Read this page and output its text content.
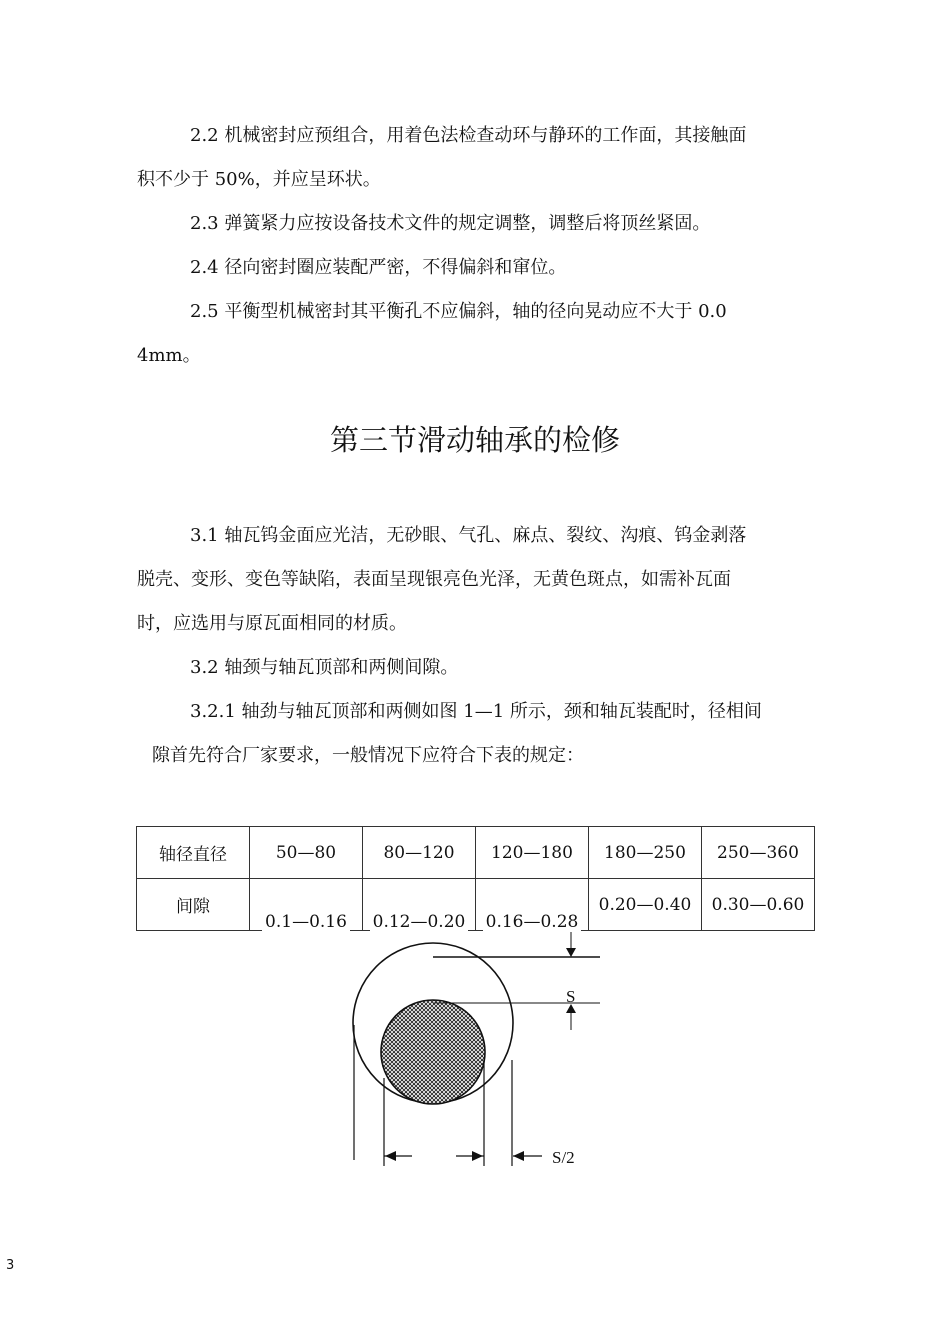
2.2 机械密封应预组合，用着色法检查动环与静环的工作面，其接触面

积不少于 50%，并应呈环状。

2.3 弹簧紧力应按设备技术文件的规定调整，调整后将顶丝紧固。

2.4 径向密封圈应装配严密，不得偏斜和窜位。

2.5 平衡型机械密封其平衡孔不应偏斜，轴的径向晃动应不大于 0.0

4mm。

第三节滑动轴承的检修

3.1 轴瓦钨金面应光洁，无砂眼、气孔、麻点、裂纹、沟痕、钨金剥落

脱壳、变形、变色等缺陷，表面呈现银亮色光泽，无黄色斑点，如需补瓦面

时，应选用与原瓦面相同的材质。

3.2 轴颈与轴瓦顶部和两侧间隙。

3.2.1 轴劲与轴瓦顶部和两侧如图 1—1 所示，颈和轴瓦装配时，径相间

隙首先符合厂家要求，一般情况下应符合下表的规定：

轴径直径	50—80	80—120	120—180	180—250	250—360
间隙	0.1—0.16	0.12—0.20	0.16—0.28	0.20—0.40	0.30—0.60
S
S/2
3
